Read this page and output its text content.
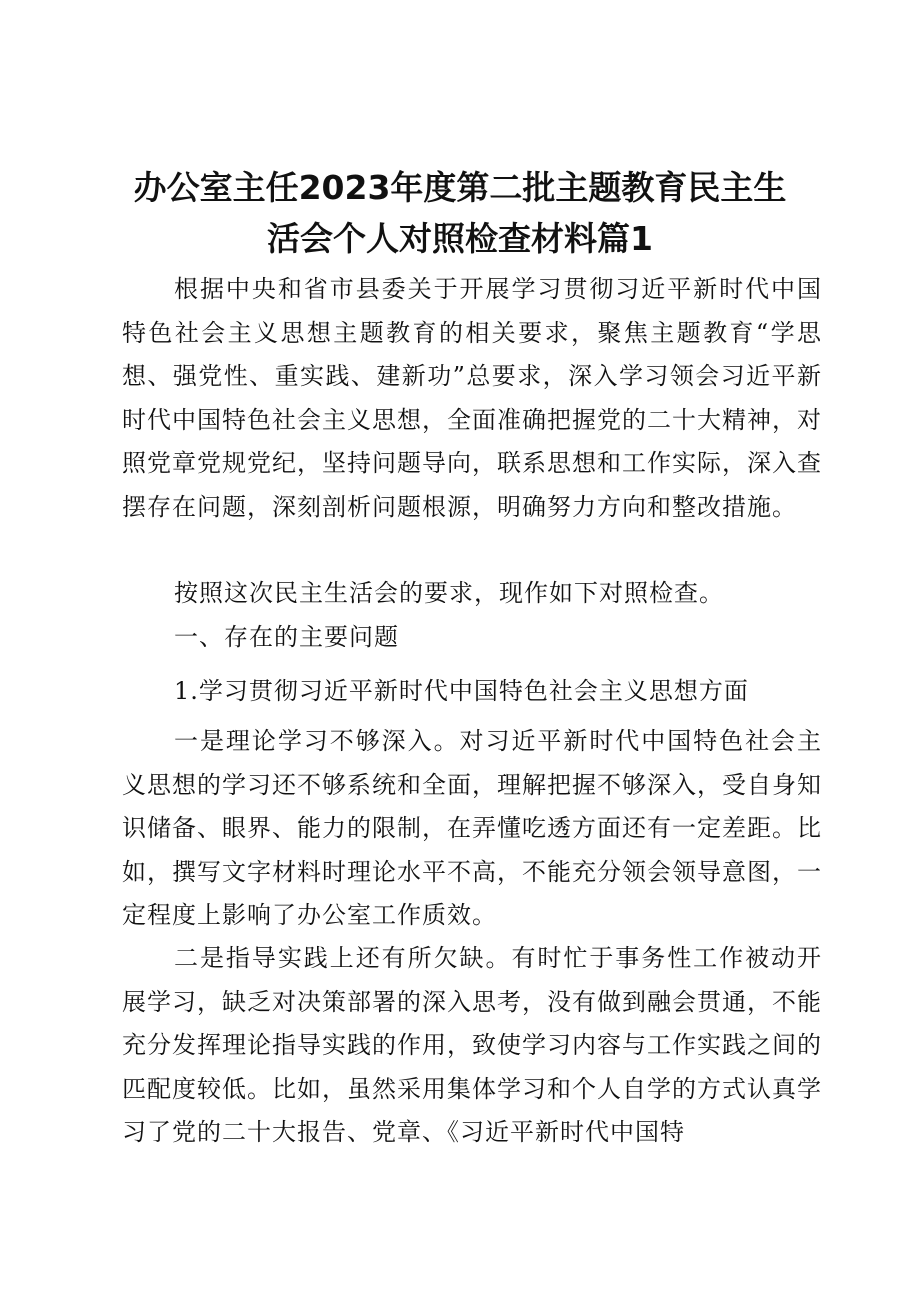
办公室主任2023年度第二批主题教育民主生
活会个人对照检查材料篇1

根据中央和省市县委关于开展学习贯彻习近平新时代中国特色社会主义思想主题教育的相关要求，聚焦主题教育“学思想、强党性、重实践、建新功”总要求，深入学习领会习近平新时代中国特色社会主义思想，全面准确把握党的二十大精神，对照党章党规党纪，坚持问题导向，联系思想和工作实际，深入查摆存在问题，深刻剖析问题根源，明确努力方向和整改措施。

按照这次民主生活会的要求，现作如下对照检查。

一、存在的主要问题

1.学习贯彻习近平新时代中国特色社会主义思想方面

一是理论学习不够深入。对习近平新时代中国特色社会主义思想的学习还不够系统和全面，理解把握不够深入，受自身知识储备、眼界、能力的限制，在弄懂吃透方面还有一定差距。比如，撰写文字材料时理论水平不高，不能充分领会领导意图，一定程度上影响了办公室工作质效。

二是指导实践上还有所欠缺。有时忙于事务性工作被动开展学习，缺乏对决策部署的深入思考，没有做到融会贯通，不能充分发挥理论指导实践的作用，致使学习内容与工作实践之间的匹配度较低。比如，虽然采用集体学习和个人自学的方式认真学习了党的二十大报告、党章、《习近平新时代中国特
